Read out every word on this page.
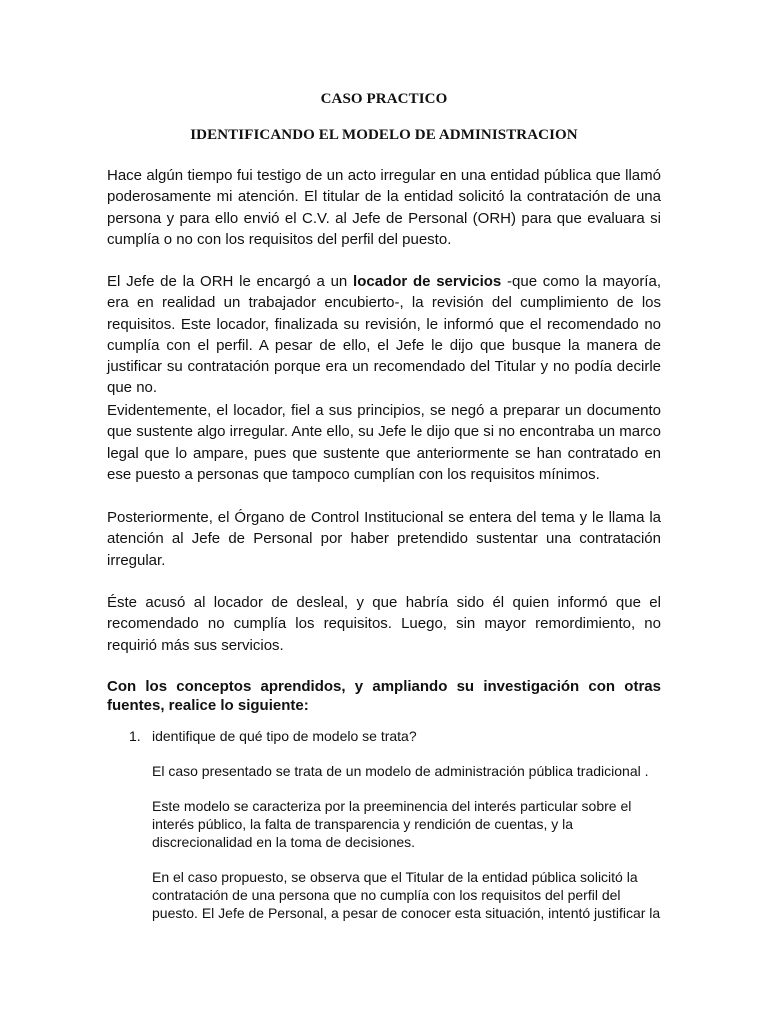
CASO PRACTICO
IDENTIFICANDO EL MODELO DE ADMINISTRACION

Hace algún tiempo fui testigo de un acto irregular en una entidad pública que llamó poderosamente mi atención. El titular de la entidad solicitó la contratación de una persona y para ello envió el C.V. al Jefe de Personal (ORH) para que evaluara si cumplía o no con los requisitos del perfil del puesto.

El Jefe de la ORH le encargó a un locador de servicios -que como la mayoría, era en realidad un trabajador encubierto-, la revisión del cumplimiento de los requisitos. Este locador, finalizada su revisión, le informó que el recomendado no cumplía con el perfil. A pesar de ello, el Jefe le dijo que busque la manera de justificar su contratación porque era un recomendado del Titular y no podía decirle que no.

Evidentemente, el locador, fiel a sus principios, se negó a preparar un documento que sustente algo irregular. Ante ello, su Jefe le dijo que si no encontraba un marco legal que lo ampare, pues que sustente que anteriormente se han contratado en ese puesto a personas que tampoco cumplían con los requisitos mínimos.

Posteriormente, el Órgano de Control Institucional se entera del tema y le llama la atención al Jefe de Personal por haber pretendido sustentar una contratación irregular.

Éste acusó al locador de desleal, y que habría sido él quien informó que el recomendado no cumplía los requisitos. Luego, sin mayor remordimiento, no requirió más sus servicios.

Con los conceptos aprendidos, y ampliando su investigación con otras fuentes, realice lo siguiente:

1. identifique de qué tipo de modelo se trata?

El caso presentado se trata de un modelo de administración pública tradicional .

Este modelo se caracteriza por la preeminencia del interés particular sobre el interés público, la falta de transparencia y rendición de cuentas, y la discrecionalidad en la toma de decisiones.

En el caso propuesto, se observa que el Titular de la entidad pública solicitó la contratación de una persona que no cumplía con los requisitos del perfil del puesto. El Jefe de Personal, a pesar de conocer esta situación, intentó justificar la
